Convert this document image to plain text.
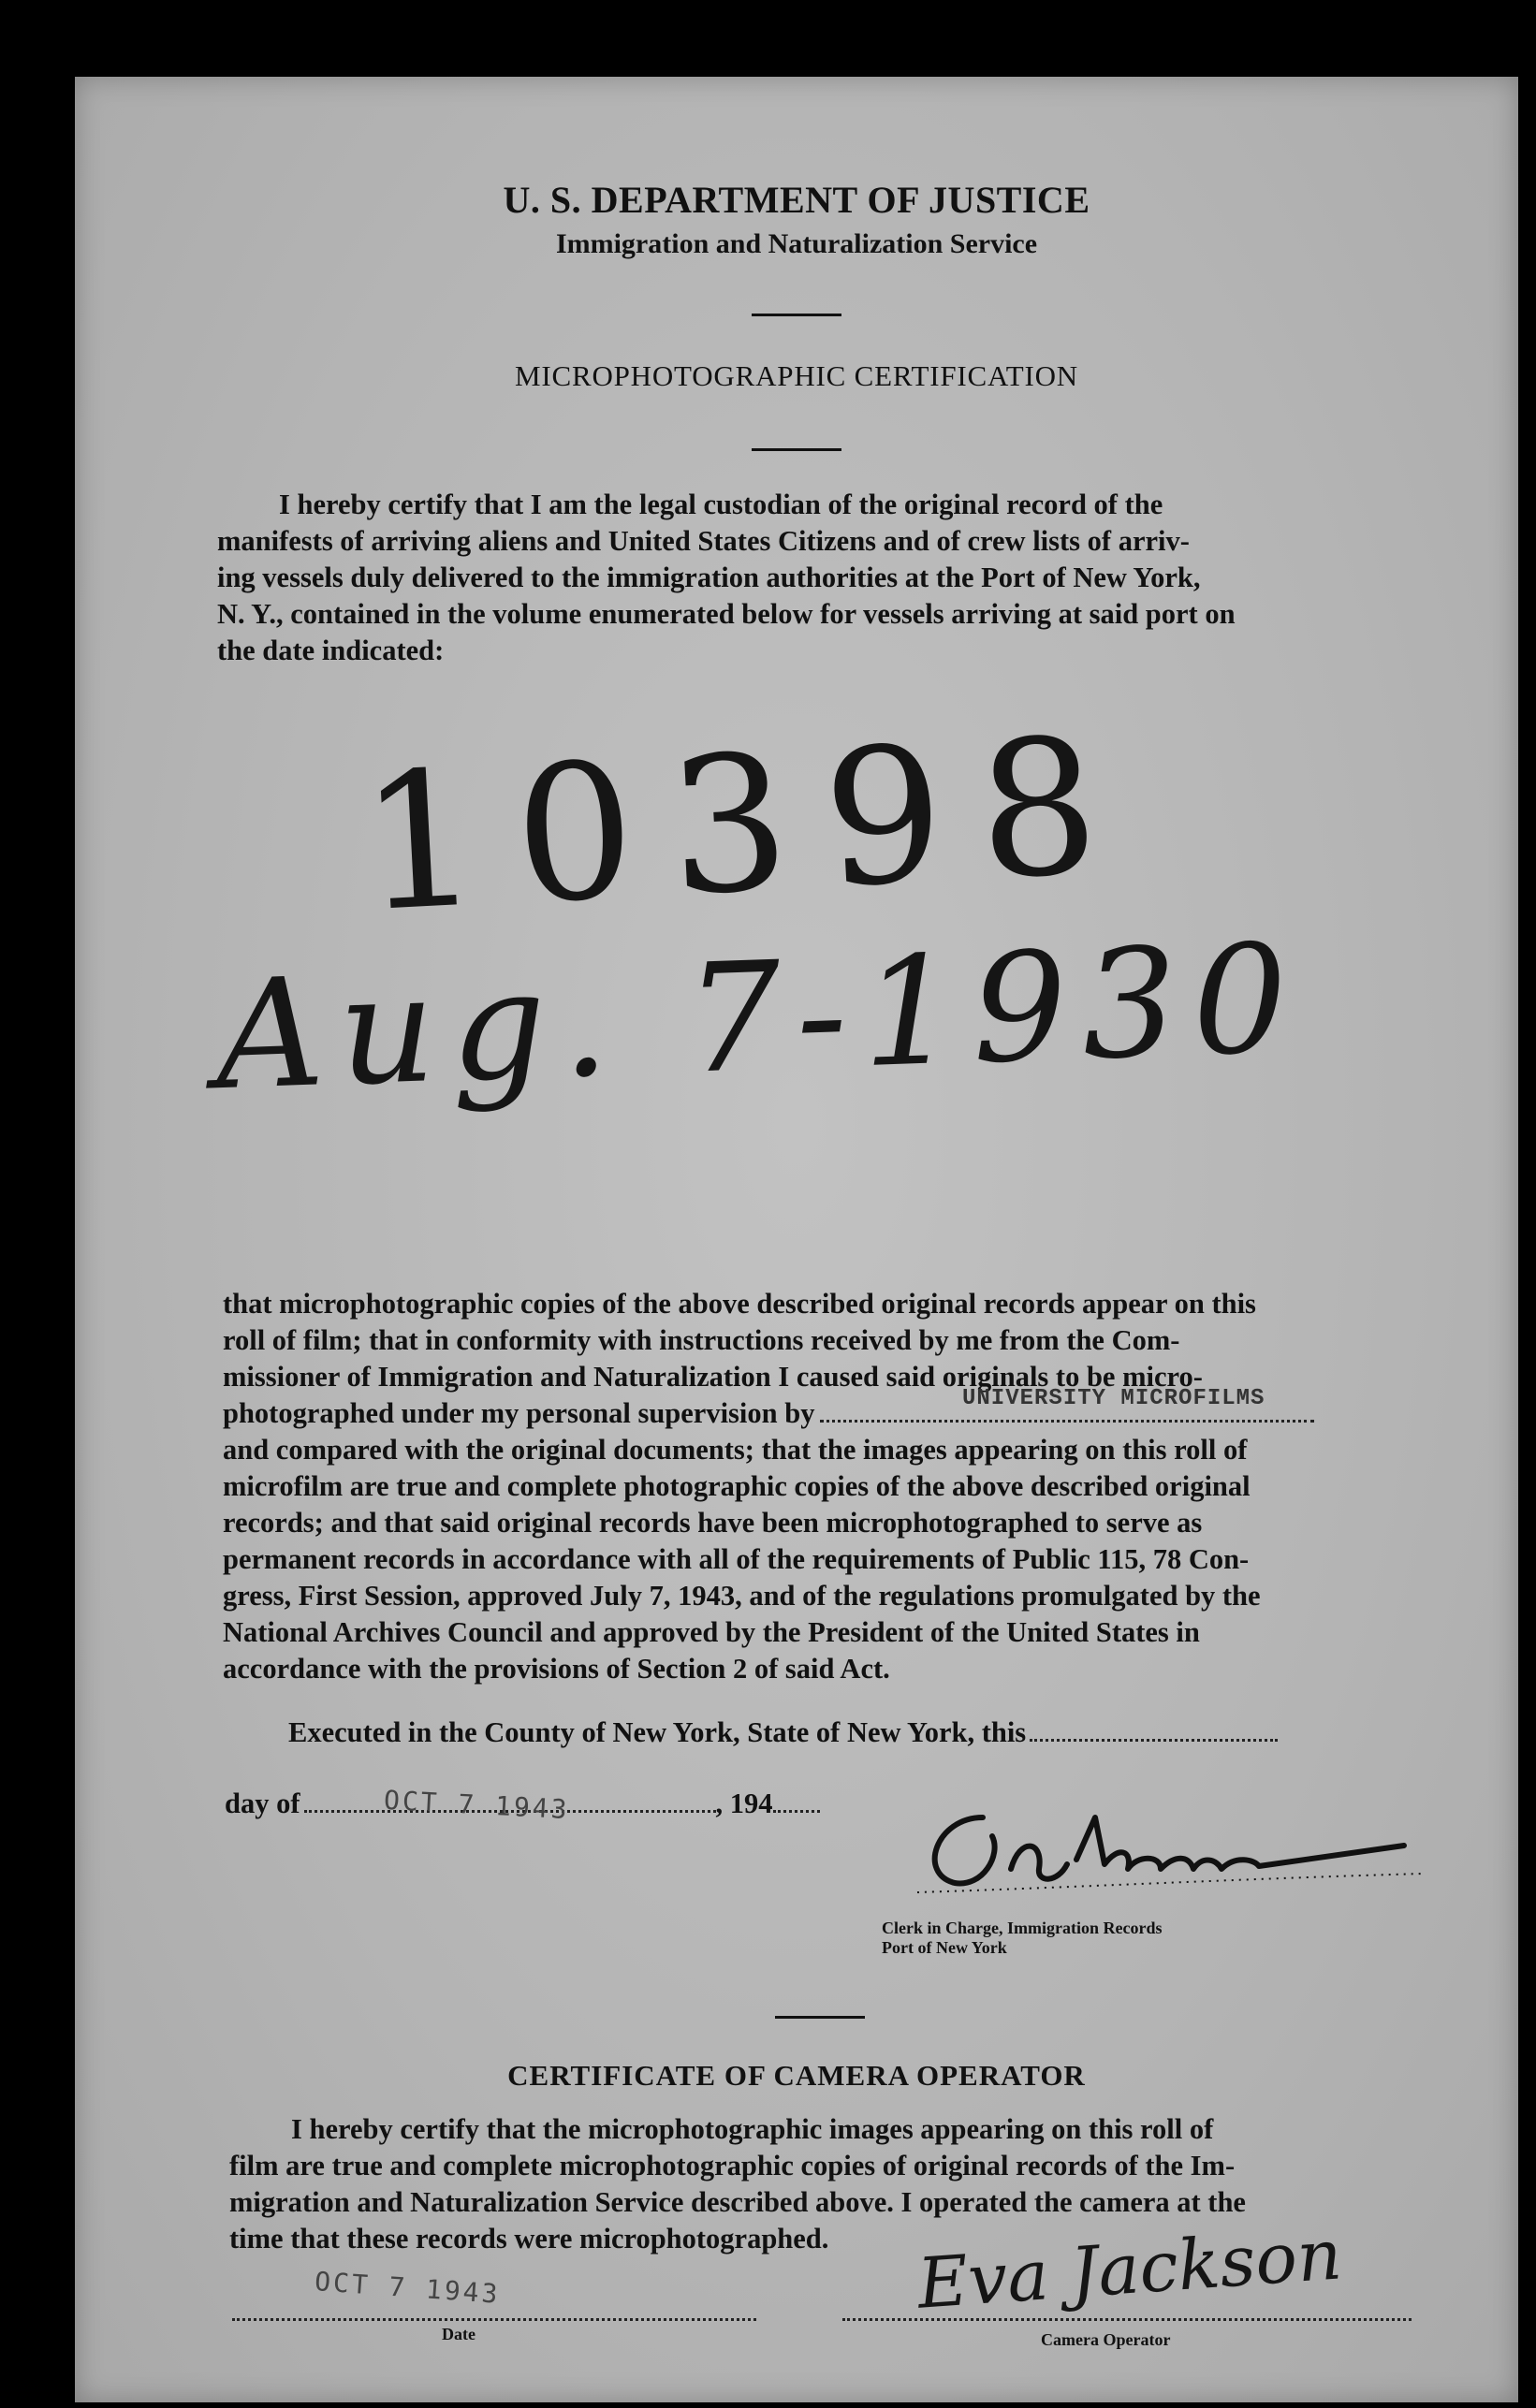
U. S. DEPARTMENT OF JUSTICE
Immigration and Naturalization Service
MICROPHOTOGRAPHIC CERTIFICATION
I hereby certify that I am the legal custodian of the original record of the
manifests of arriving aliens and United States Citizens and of crew lists of arriv-
ing vessels duly delivered to the immigration authorities at the Port of New York,
N. Y., contained in the volume enumerated below for vessels arriving at said port on
the date indicated:
10398
Aug. 7-1930
that microphotographic copies of the above described original records appear on this
roll of film; that in conformity with instructions received by me from the Com-
missioner of Immigration and Naturalization I caused said originals to be micro-
photographed under my personal supervision by	UNIVERSITY MICROFILMS
and compared with the original documents; that the images appearing on this roll of
microfilm are true and complete photographic copies of the above described original
records; and that said original records have been microphotographed to serve as
permanent records in accordance with all of the requirements of Public 115, 78 Con-
gress, First Session, approved July 7, 1943, and of the regulations promulgated by the
National Archives Council and approved by the President of the United States in
accordance with the provisions of Section 2 of said Act.
Executed in the County of New York, State of New York, this
day of	, 194
OCT 7 1943
Clerk in Charge, Immigration Records
Port of New York
CERTIFICATE OF CAMERA OPERATOR
I hereby certify that the microphotographic images appearing on this roll of
film are true and complete microphotographic copies of original records of the Im-
migration and Naturalization Service described above. I operated the camera at the
time that these records were microphotographed.
OCT 7 1943
Date
Eva Jackson
Camera Operator
